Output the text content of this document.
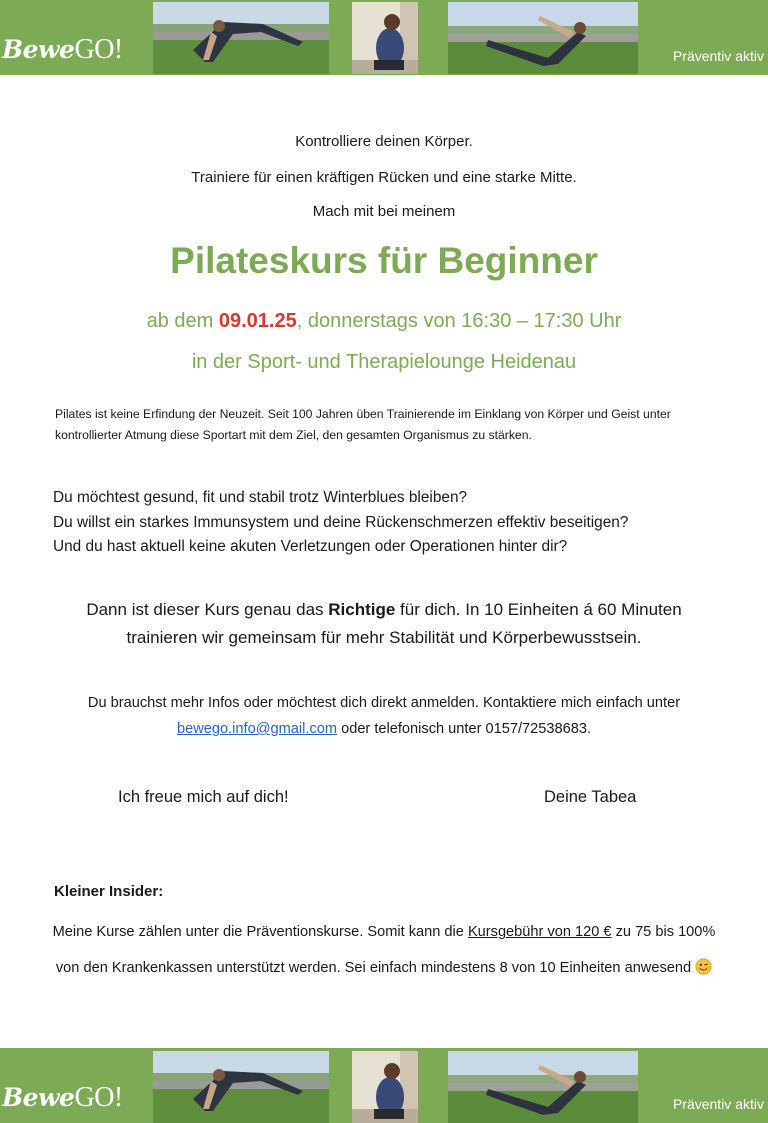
BeweGO!	Präventiv aktiv
Kontrolliere deinen Körper.
Trainiere für einen kräftigen Rücken und eine starke Mitte.
Mach mit bei meinem
Pilateskurs für Beginner
ab dem 09.01.25, donnerstags von 16:30 – 17:30 Uhr
in der Sport- und Therapielounge Heidenau
Pilates ist keine Erfindung der Neuzeit. Seit 100 Jahren üben Trainierende im Einklang von Körper und Geist unter kontrollierter Atmung diese Sportart mit dem Ziel, den gesamten Organismus zu stärken.
Du möchtest gesund, fit und stabil trotz Winterblues bleiben?
Du willst ein starkes Immunsystem und deine Rückenschmerzen effektiv beseitigen?
Und du hast aktuell keine akuten Verletzungen oder Operationen hinter dir?
Dann ist dieser Kurs genau das Richtige für dich. In 10 Einheiten á 60 Minuten trainieren wir gemeinsam für mehr Stabilität und Körperbewusstsein.
Du brauchst mehr Infos oder möchtest dich direkt anmelden. Kontaktiere mich einfach unter bewego.info@gmail.com oder telefonisch unter 0157/72538683.
Ich freue mich auf dich!	Deine Tabea
Kleiner Insider:
Meine Kurse zählen unter die Präventionskurse. Somit kann die Kursgebühr von 120 € zu 75 bis 100% von den Krankenkassen unterstützt werden. Sei einfach mindestens 8 von 10 Einheiten anwesend
BeweGO!	Präventiv aktiv
